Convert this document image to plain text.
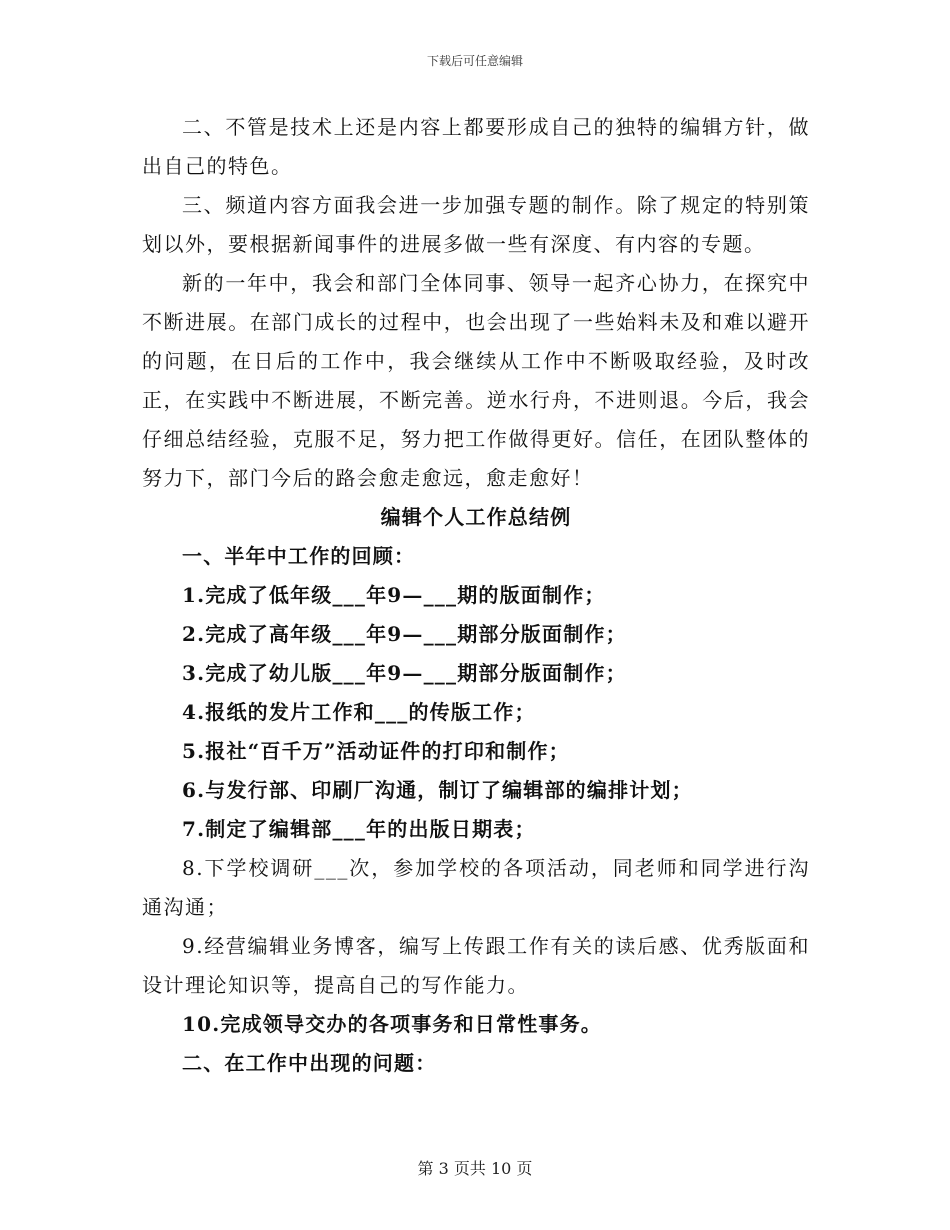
下载后可任意编辑

二、不管是技术上还是内容上都要形成自己的独特的编辑方针，做出自己的特色。

三、频道内容方面我会进一步加强专题的制作。除了规定的特别策划以外，要根据新闻事件的进展多做一些有深度、有内容的专题。

新的一年中，我会和部门全体同事、领导一起齐心协力，在探究中不断进展。在部门成长的过程中，也会出现了一些始料未及和难以避开的问题，在日后的工作中，我会继续从工作中不断吸取经验，及时改正，在实践中不断进展，不断完善。逆水行舟，不进则退。今后，我会仔细总结经验，克服不足，努力把工作做得更好。信任，在团队整体的努力下，部门今后的路会愈走愈远，愈走愈好！

编辑个人工作总结例

一、半年中工作的回顾：

1.完成了低年级___年9—___期的版面制作；

2.完成了高年级___年9—___期部分版面制作；

3.完成了幼儿版___年9—___期部分版面制作；

4.报纸的发片工作和___的传版工作；

5.报社“百千万”活动证件的打印和制作；

6.与发行部、印刷厂沟通，制订了编辑部的编排计划；

7.制定了编辑部___年的出版日期表；

8.下学校调研___次，参加学校的各项活动，同老师和同学进行沟通沟通；

9.经营编辑业务博客，编写上传跟工作有关的读后感、优秀版面和设计理论知识等，提高自己的写作能力。

10.完成领导交办的各项事务和日常性事务。

二、在工作中出现的问题：

第 3 页共 10 页
